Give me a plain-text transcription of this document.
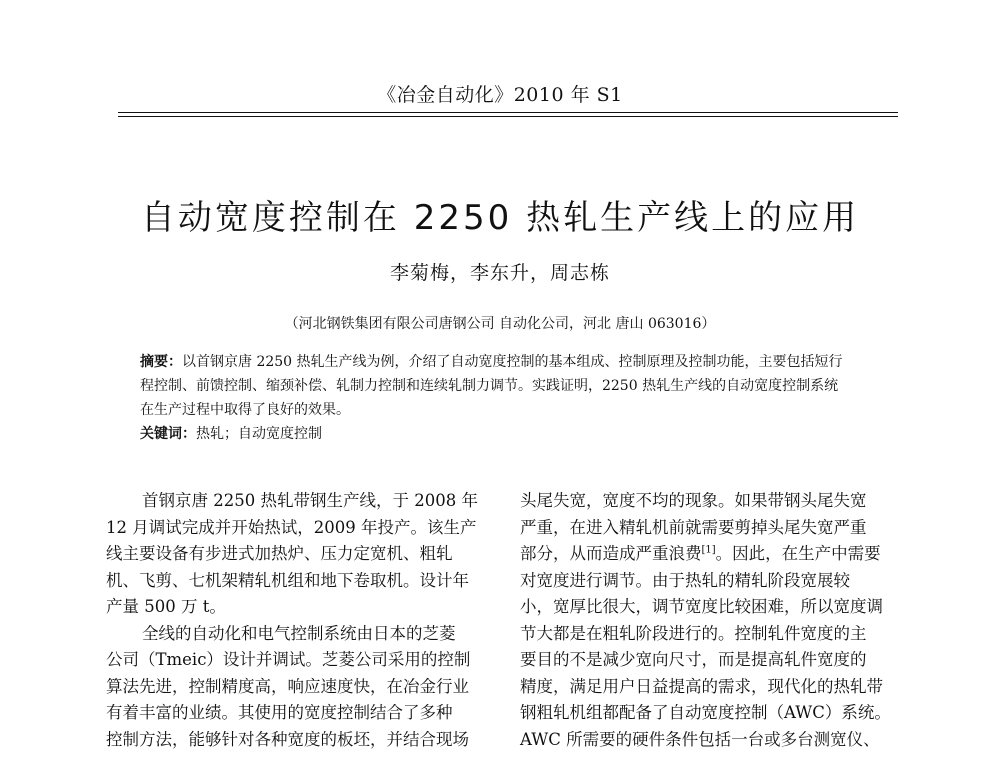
《冶金自动化》2010 年 S1
自动宽度控制在 2250 热轧生产线上的应用
李菊梅，李东升，周志栋
（河北钢铁集团有限公司唐钢公司 自动化公司，河北 唐山 063016）
摘要：以首钢京唐 2250 热轧生产线为例，介绍了自动宽度控制的基本组成、控制原理及控制功能，主要包括短行
程控制、前馈控制、缩颈补偿、轧制力控制和连续轧制力调节。实践证明，2250 热轧生产线的自动宽度控制系统
在生产过程中取得了良好的效果。
关键词：热轧；自动宽度控制
首钢京唐 2250 热轧带钢生产线，于 2008 年
12 月调试完成并开始热试，2009 年投产。该生产
线主要设备有步进式加热炉、压力定宽机、粗轧
机、飞剪、七机架精轧机组和地下卷取机。设计年
产量 500 万 t。
全线的自动化和电气控制系统由日本的芝菱
公司（Tmeic）设计并调试。芝菱公司采用的控制
算法先进，控制精度高，响应速度快，在冶金行业
有着丰富的业绩。其使用的宽度控制结合了多种
控制方法，能够针对各种宽度的板坯，并结合现场
头尾失宽，宽度不均的现象。如果带钢头尾失宽
严重，在进入精轧机前就需要剪掉头尾失宽严重
部分，从而造成严重浪费[1]。因此，在生产中需要
对宽度进行调节。由于热轧的精轧阶段宽展较
小，宽厚比很大，调节宽度比较困难，所以宽度调
节大都是在粗轧阶段进行的。控制轧件宽度的主
要目的不是减少宽向尺寸，而是提高轧件宽度的
精度，满足用户日益提高的需求，现代化的热轧带
钢粗轧机组都配备了自动宽度控制（AWC）系统。
AWC 所需要的硬件条件包括一台或多台测宽仪、
